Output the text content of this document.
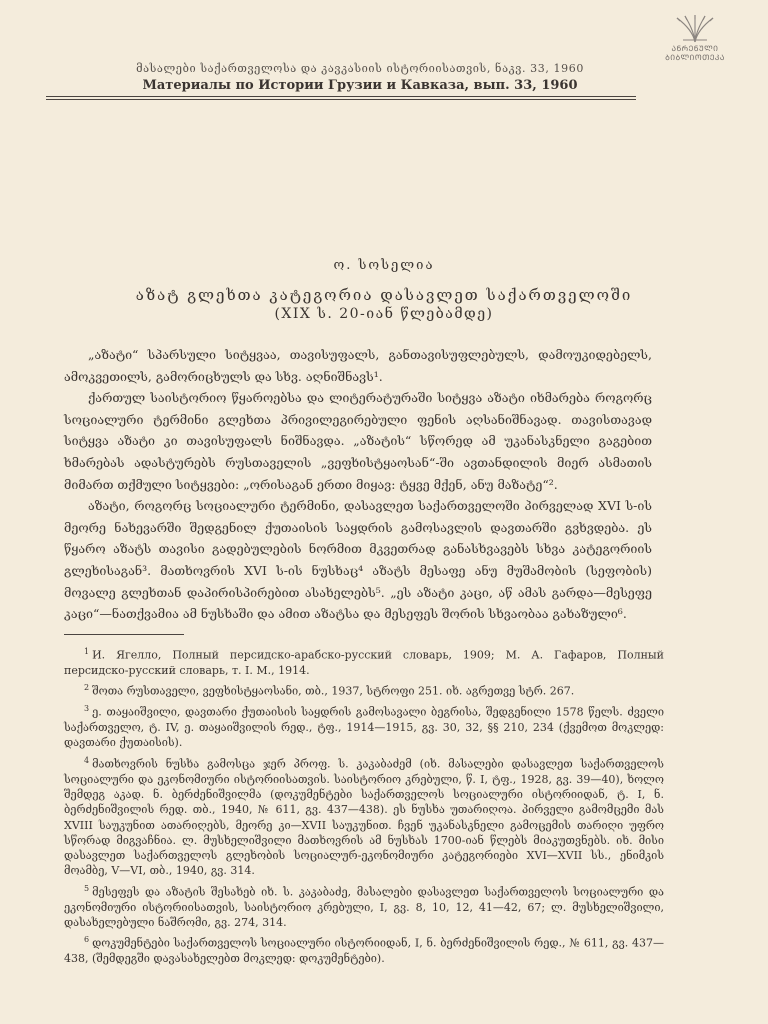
ᲐᲜᲠᲔᲜᲣᲚᲘ
ᲑᲘᲑᲚᲘᲝᲗᲔᲙᲐ
მასალები საქართველოსა და კავკასიის ისტორიისათვის, ნაკვ. 33, 1960
Материалы по Истории Грузии и Кавказа, вып. 33, 1960
ო. სოსელია
აზატ გლეხთა კატეგორია დასავლეთ საქართველოში
(XIX ს. 20-იან წლებამდე)

„აზატი“ სპარსული სიტყვაა, თავისუფალს, განთავისუფლებულს, დამოუკიდებელს, ამოკვეთილს, გამორიცხულს და სხვ. აღნიშნავს¹.

ქართულ საისტორიო წყაროებსა და ლიტერატურაში სიტყვა აზატი იხმარება როგორც სოციალური ტერმინი გლეხთა პრივილეგირებული ფენის აღსანიშნავად. თავისთავად სიტყვა აზატი კი თავისუფალს ნიშნავდა. „აზატის“ სწორედ ამ უკანასკნელი გაგებით ხმარებას ადასტურებს რუსთაველის „ვეფხისტყაოსან“-ში ავთანდილის მიერ ასმათის მიმართ თქმული სიტყვები: „ორისაგან ერთი მიყავ: ტყვე მქენ, ანუ მაზატე“².

აზატი, როგორც სოციალური ტერმინი, დასავლეთ საქართველოში პირველად XVI ს-ის მეორე ნახევარში შედგენილ ქუთაისის საყდრის გამოსავლის დავთარში გვხვდება. ეს წყარო აზატს თავისი გადებულების ნორმით მკვეთრად განასხვავებს სხვა კატეგორიის გლეხისაგან³. მათხოვრის XVI ს-ის ნუსხაც⁴ აზატს მესაფე ანუ მუშამობის (სეფობის) მოვალე გლეხთან დაპირისპირებით ასახელებს⁵. „ეს აზატი კაცი, აწ ამას გარდა—მესეფე კაცი“—ნათქვამია ამ ნუსხაში და ამით აზატსა და მესეფეს შორის სხვაობაა გახაზული⁶.

$^1$ И. Ягелло, Полный персидско-арабско-русский словарь, 1909; М. А. Гафаров, Полный персидско-русский словарь, т. I. М., 1914.

$^2$ შოთა რუსთაველი, ვეფხისტყაოსანი, თბ., 1937, სტროფი 251. იხ. აგრეთვე სტრ. 267.

$^3$ ე. თაყაიშვილი, დავთარი ქუთაისის საყდრის გამოსავალი ბეგრისა, შედგენილი 1578 წელს. ძველი საქართველო, ტ. IV, ე. თაყაიშვილის რედ., ტფ., 1914—1915, გვ. 30, 32, §§ 210, 234 (ქვემოთ მოკლედ: დავთარი ქუთაისის).

$^4$ მათხოვრის ნუსხა გამოსცა ჯერ პროფ. ს. კაკაბაძემ (იხ. მასალები დასავლეთ საქართველოს სოციალური და ეკონომიური ისტორიისათვის. საისტორიო კრებული, წ. I, ტფ., 1928, გვ. 39—40), ხოლო შემდეგ აკად. ნ. ბერძენიშვილმა (დოკუმენტები საქართველოს სოციალური ისტორიიდან, ტ. I, ნ. ბერძენიშვილის რედ. თბ., 1940, № 611, გვ. 437—438). ეს ნუსხა უთარიღოა. პირველი გამომცემი მას XVIII საუკუნით ათარიღებს, მეორე კი—XVII საუკუნით. ჩვენ უკანასკნელი გამოცემის თარიღი უფრო სწორად მიგვაჩნია. ლ. მუსხელიშვილი მათხოვრის ამ ნუსხას 1700-იან წლებს მიაკუთვნებს. იხ. მისი დასავლეთ საქართველოს გლეხობის სოციალურ-ეკონომიური კატეგორიები XVI—XVII სს., ენიმკის მოამბე, V—VI, თბ., 1940, გვ. 314.

$^5$ მესეფეს და აზატის შესახებ იხ. ს. კაკაბაძე, მასალები დასავლეთ საქართველოს სოციალური და ეკონომიური ისტორიისათვის, საისტორიო კრებული, I, გვ. 8, 10, 12, 41—42, 67; ლ. მუსხელიშვილი, დასახელებული ნაშრომი, გვ. 274, 314.

$^6$ დოკუმენტები საქართველოს სოციალური ისტორიიდან, I, ნ. ბერძენიშვილის რედ., № 611, გვ. 437—438, (შემდეგში დავასახელებთ მოკლედ: დოკუმენტები).
